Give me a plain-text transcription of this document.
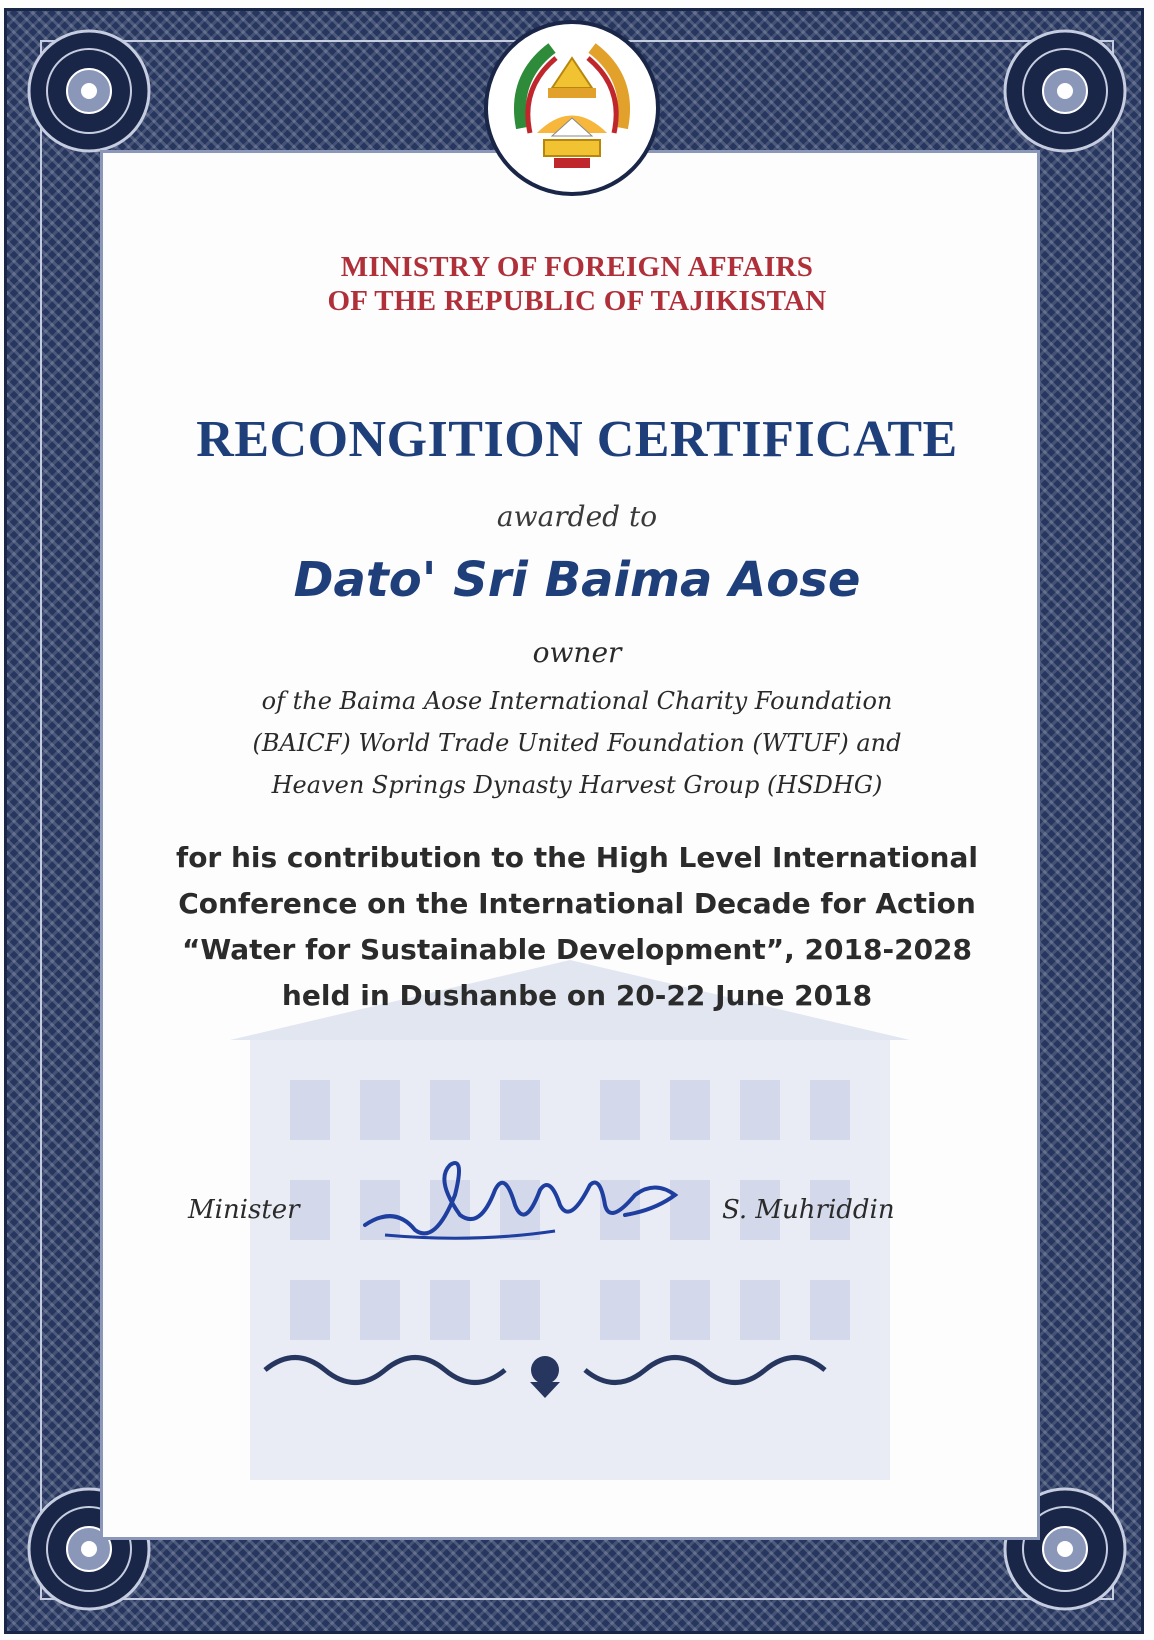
MINISTRY OF FOREIGN AFFAIRS
OF THE REPUBLIC OF TAJIKISTAN
RECONGITION CERTIFICATE
awarded to
Dato' Sri Baima Aose
owner
of the Baima Aose International Charity Foundation
(BAICF) World Trade United Foundation (WTUF) and
Heaven Springs Dynasty Harvest Group (HSDHG)
for his contribution to the High Level International
Conference on the International Decade for Action
“Water for Sustainable Development”, 2018-2028
held in Dushanbe on 20-22 June 2018
Minister	S. Muhriddin
